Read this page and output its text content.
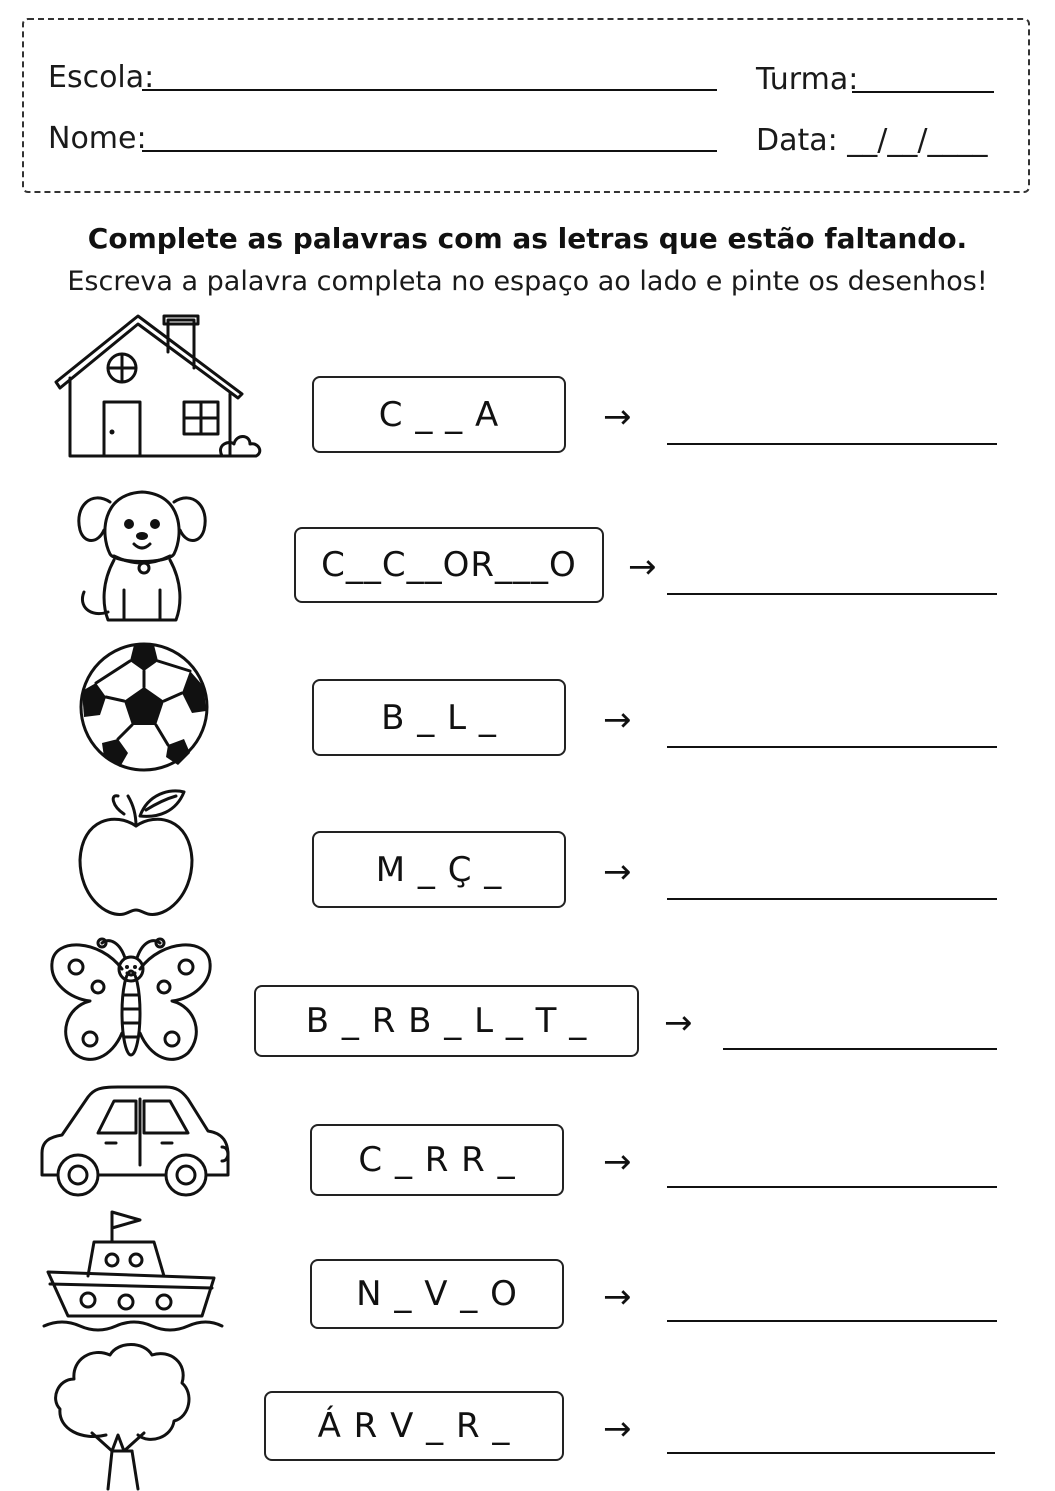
Escola:	Turma:
Nome:	Data: __/__/____
Complete as palavras com as letras que estão faltando.
Escreva a palavra completa no espaço ao lado e pinte os desenhos!
C _ _ A	→
C__C__OR___O	→
B _ L _	→
M _ Ç _	→
B _ R B _ L _ T _	→
C _ R R _	→
N _ V _ O	→
Á R V _ R _	→
